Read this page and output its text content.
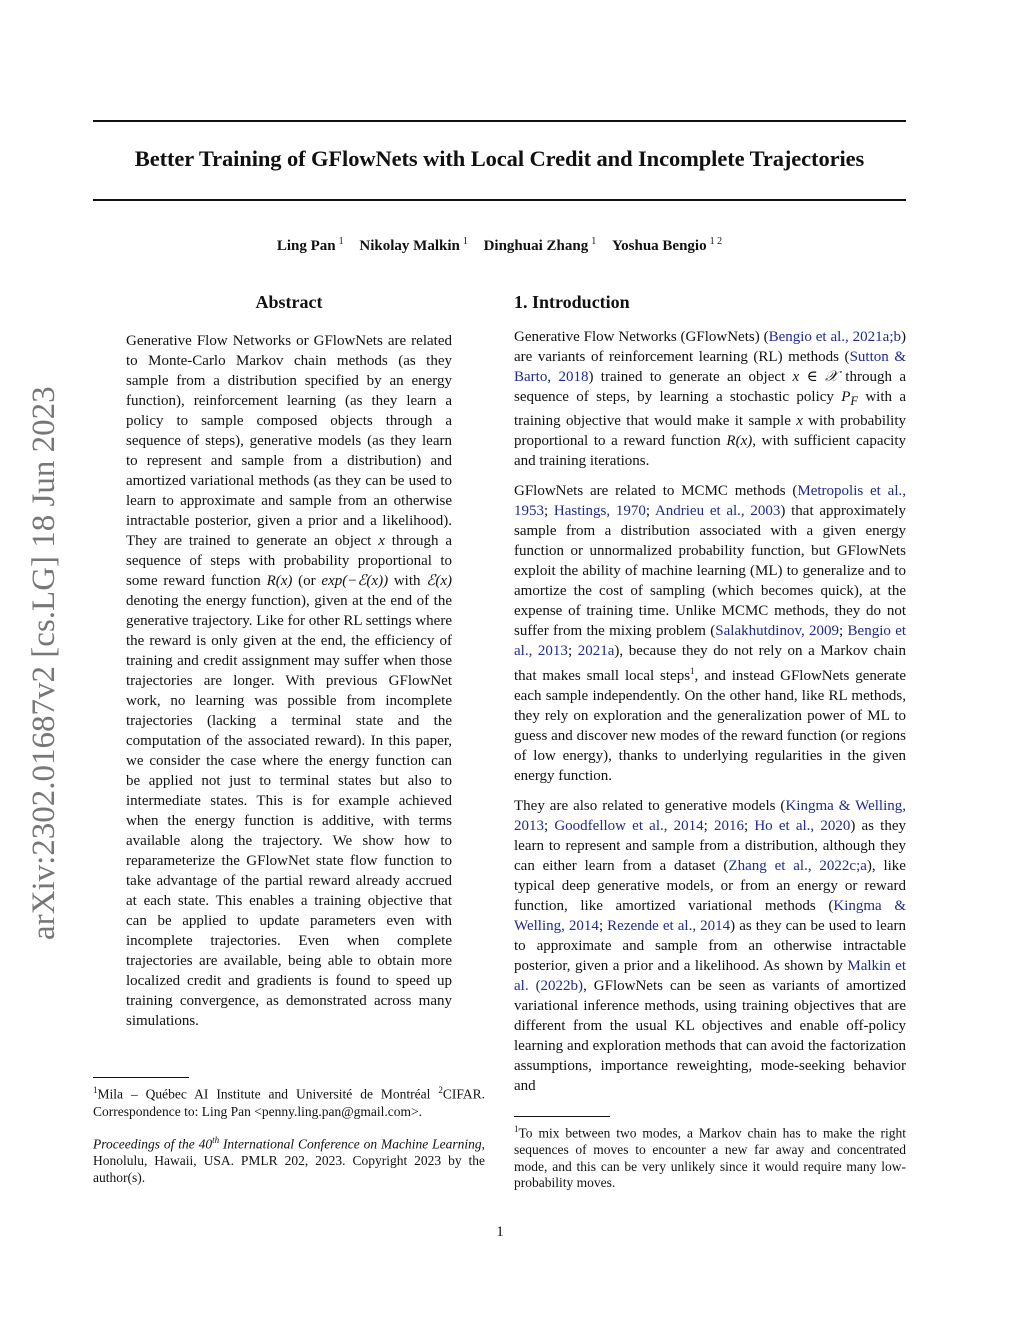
Better Training of GFlowNets with Local Credit and Incomplete Trajectories
Ling Pan $^1$ Nikolay Malkin $^1$ Dinghuai Zhang $^1$ Yoshua Bengio $^{1 2}$
arXiv:2302.01687v2 [cs.LG] 18 Jun 2023
Abstract
Generative Flow Networks or GFlowNets are related to Monte-Carlo Markov chain methods (as they sample from a distribution specified by an energy function), reinforcement learning (as they learn a policy to sample composed objects through a sequence of steps), generative models (as they learn to represent and sample from a distribution) and amortized variational methods (as they can be used to learn to approximate and sample from an otherwise intractable posterior, given a prior and a likelihood). They are trained to generate an object x through a sequence of steps with probability proportional to some reward function R(x) (or exp(−ℰ(x)) with ℰ(x) denoting the energy function), given at the end of the generative trajectory. Like for other RL settings where the reward is only given at the end, the efficiency of training and credit assignment may suffer when those trajectories are longer. With previous GFlowNet work, no learning was possible from incomplete trajectories (lacking a terminal state and the computation of the associated reward). In this paper, we consider the case where the energy function can be applied not just to terminal states but also to intermediate states. This is for example achieved when the energy function is additive, with terms available along the trajectory. We show how to reparameterize the GFlowNet state flow function to take advantage of the partial reward already accrued at each state. This enables a training objective that can be applied to update parameters even with incomplete trajectories. Even when complete trajectories are available, being able to obtain more localized credit and gradients is found to speed up training convergence, as demonstrated across many simulations.
1. Introduction

Generative Flow Networks (GFlowNets) (Bengio et al., 2021a;b) are variants of reinforcement learning (RL) methods (Sutton & Barto, 2018) trained to generate an object x ∈ 𝒳 through a sequence of steps, by learning a stochastic policy $P_F$ with a training objective that would make it sample x with probability proportional to a reward function R(x), with sufficient capacity and training iterations.

GFlowNets are related to MCMC methods (Metropolis et al., 1953; Hastings, 1970; Andrieu et al., 2003) that approximately sample from a distribution associated with a given energy function or unnormalized probability function, but GFlowNets exploit the ability of machine learning (ML) to generalize and to amortize the cost of sampling (which becomes quick), at the expense of training time. Unlike MCMC methods, they do not suffer from the mixing problem (Salakhutdinov, 2009; Bengio et al., 2013; 2021a), because they do not rely on a Markov chain that makes small local steps$^1$, and instead GFlowNets generate each sample independently. On the other hand, like RL methods, they rely on exploration and the generalization power of ML to guess and discover new modes of the reward function (or regions of low energy), thanks to underlying regularities in the given energy function.

They are also related to generative models (Kingma & Welling, 2013; Goodfellow et al., 2014; 2016; Ho et al., 2020) as they learn to represent and sample from a distribution, although they can either learn from a dataset (Zhang et al., 2022c;a), like typical deep generative models, or from an energy or reward function, like amortized variational methods (Kingma & Welling, 2014; Rezende et al., 2014) as they can be used to learn to approximate and sample from an otherwise intractable posterior, given a prior and a likelihood. As shown by Malkin et al. (2022b), GFlowNets can be seen as variants of amortized variational inference methods, using training objectives that are different from the usual KL objectives and enable off-policy learning and exploration methods that can avoid the factorization assumptions, importance reweighting, mode-seeking behavior and

$^1$Mila – Québec AI Institute and Université de Montréal $^2$CIFAR. Correspondence to: Ling Pan <penny.ling.pan@gmail.com>.

Proceedings of the 40th International Conference on Machine Learning, Honolulu, Hawaii, USA. PMLR 202, 2023. Copyright 2023 by the author(s).

$^1$To mix between two modes, a Markov chain has to make the right sequences of moves to encounter a new far away and concentrated mode, and this can be very unlikely since it would require many low-probability moves.
1
